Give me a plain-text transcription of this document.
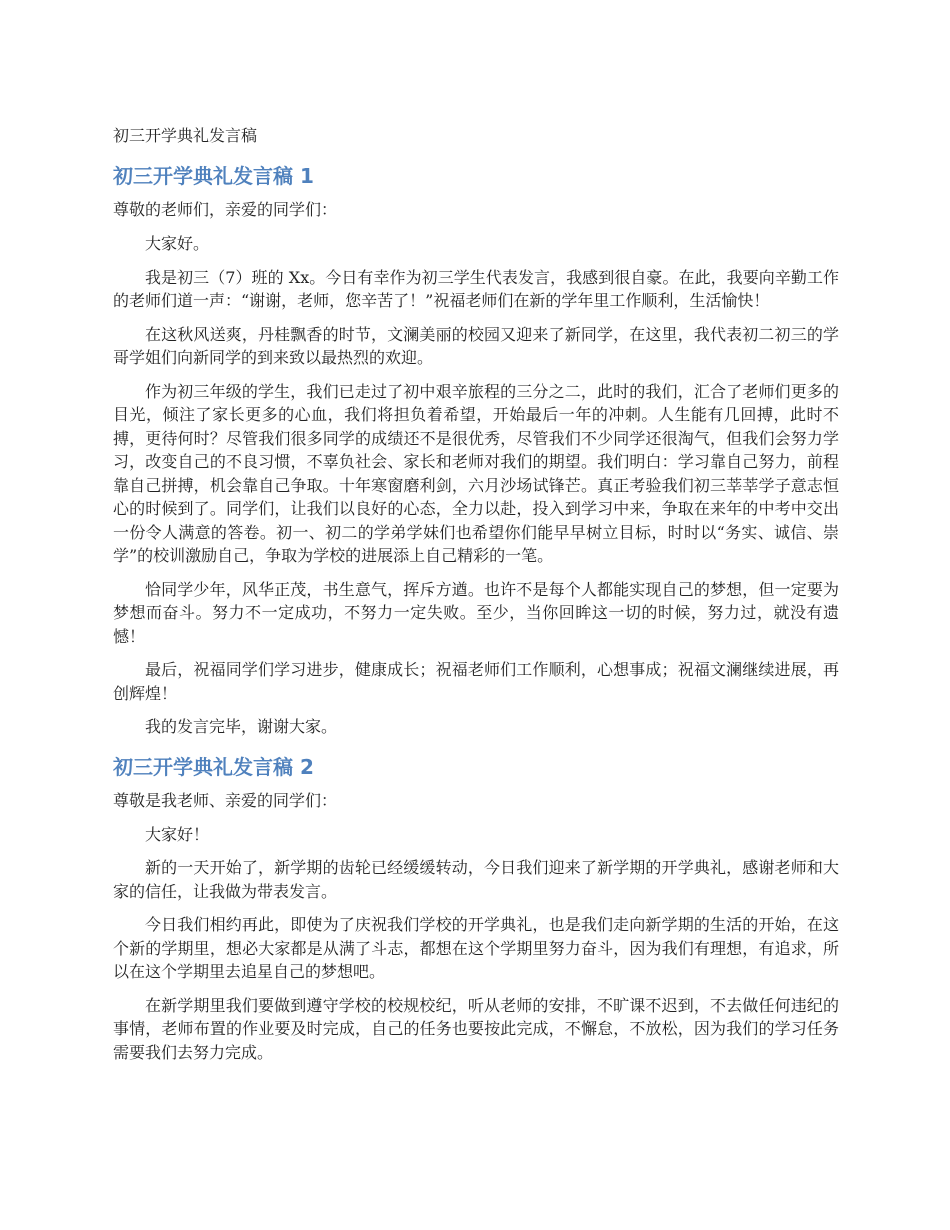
初三开学典礼发言稿
初三开学典礼发言稿 1
尊敬的老师们，亲爱的同学们：

大家好。

我是初三（7）班的 Xx。今日有幸作为初三学生代表发言，我感到很自豪。在此，我要向辛勤工作的老师们道一声：“谢谢，老师，您辛苦了！”祝福老师们在新的学年里工作顺利，生活愉快！

在这秋风送爽，丹桂飘香的时节，文澜美丽的校园又迎来了新同学，在这里，我代表初二初三的学哥学姐们向新同学的到来致以最热烈的欢迎。

作为初三年级的学生，我们已走过了初中艰辛旅程的三分之二，此时的我们，汇合了老师们更多的目光，倾注了家长更多的心血，我们将担负着希望，开始最后一年的冲刺。人生能有几回搏，此时不搏，更待何时？尽管我们很多同学的成绩还不是很优秀，尽管我们不少同学还很淘气，但我们会努力学习，改变自己的不良习惯，不辜负社会、家长和老师对我们的期望。我们明白：学习靠自己努力，前程靠自己拼搏，机会靠自己争取。十年寒窗磨利剑，六月沙场试锋芒。真正考验我们初三莘莘学子意志恒心的时候到了。同学们，让我们以良好的心态，全力以赴，投入到学习中来，争取在来年的中考中交出一份令人满意的答卷。初一、初二的学弟学妹们也希望你们能早早树立目标，时时以“务实、诚信、崇学”的校训激励自己，争取为学校的进展添上自己精彩的一笔。

恰同学少年，风华正茂，书生意气，挥斥方遒。也许不是每个人都能实现自己的梦想，但一定要为梦想而奋斗。努力不一定成功，不努力一定失败。至少，当你回眸这一切的时候，努力过，就没有遗憾！

最后，祝福同学们学习进步，健康成长；祝福老师们工作顺利，心想事成；祝福文澜继续进展，再创辉煌！

我的发言完毕，谢谢大家。

初三开学典礼发言稿 2
尊敬是我老师、亲爱的同学们：

大家好！

新的一天开始了，新学期的齿轮已经缓缓转动，今日我们迎来了新学期的开学典礼，感谢老师和大家的信任，让我做为带表发言。

今日我们相约再此，即使为了庆祝我们学校的开学典礼，也是我们走向新学期的生活的开始，在这个新的学期里，想必大家都是从满了斗志，都想在这个学期里努力奋斗，因为我们有理想，有追求，所以在这个学期里去追星自己的梦想吧。

在新学期里我们要做到遵守学校的校规校纪，听从老师的安排，不旷课不迟到，不去做任何违纪的事情，老师布置的作业要及时完成，自己的任务也要按此完成，不懈怠，不放松，因为我们的学习任务需要我们去努力完成。
